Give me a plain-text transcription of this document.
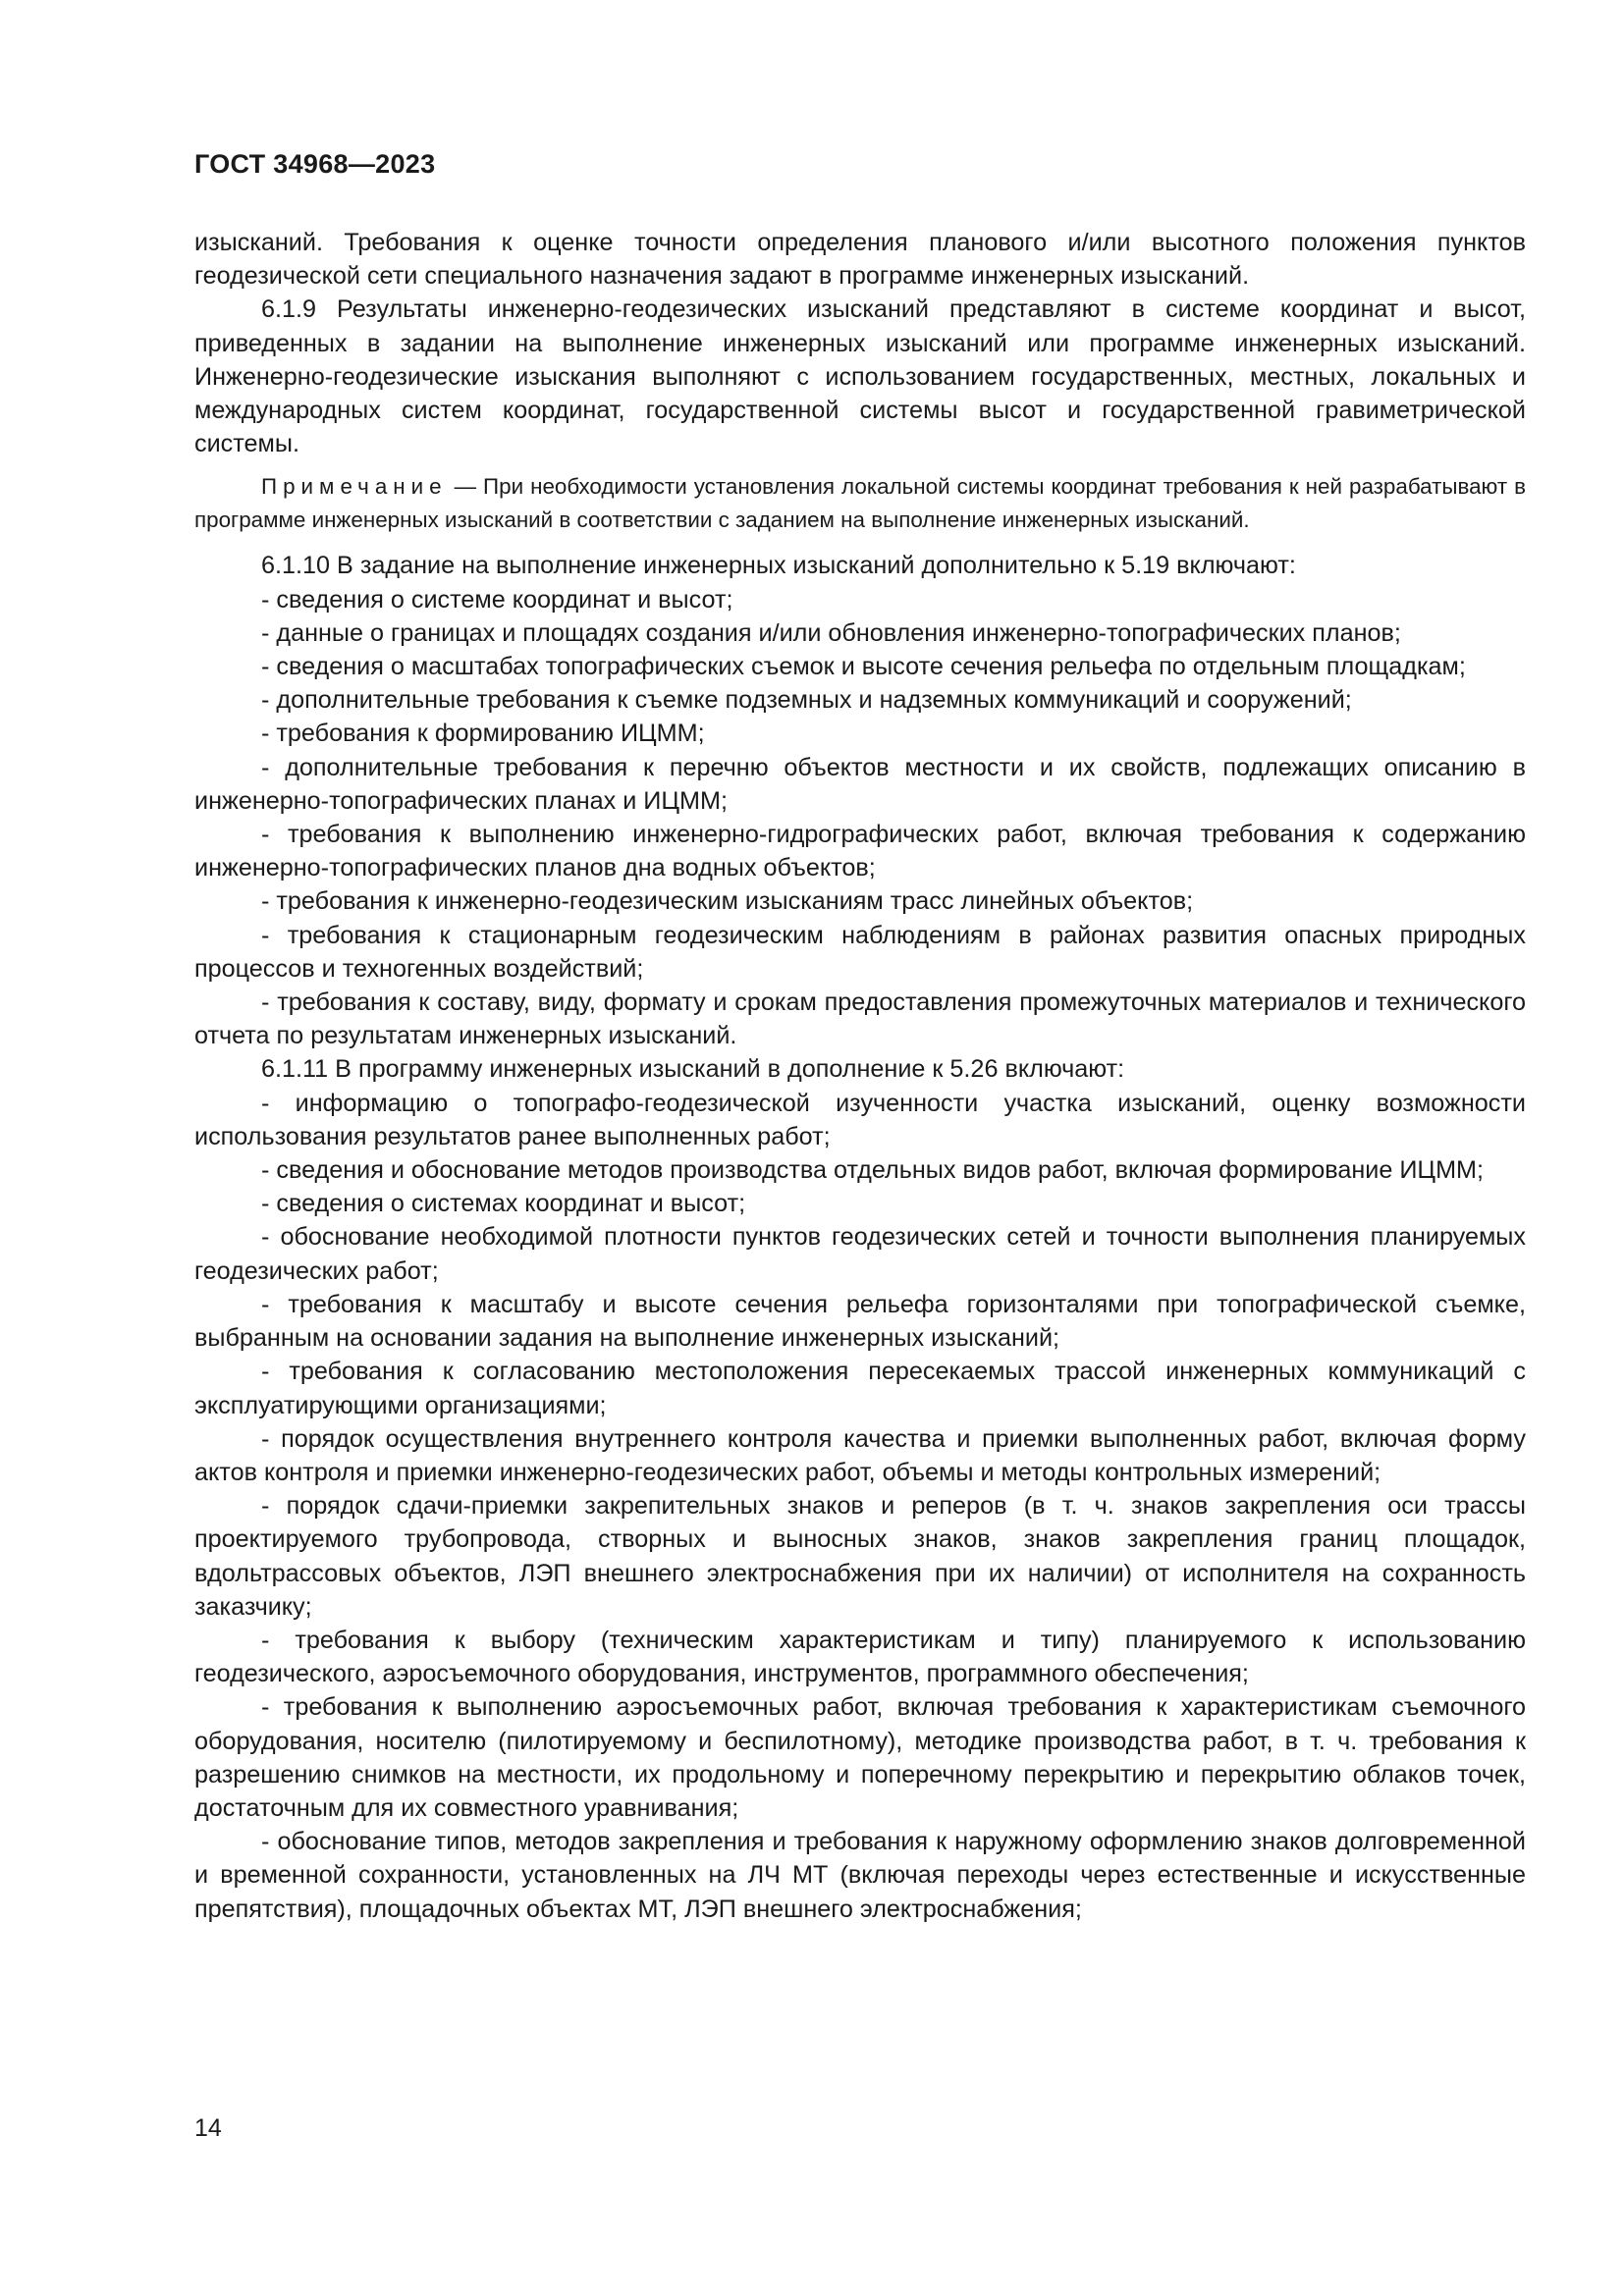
ГОСТ 34968—2023

изысканий. Требования к оценке точности определения планового и/или высотного положения пунктов геодезической сети специального назначения задают в программе инженерных изысканий.

6.1.9 Результаты инженерно-геодезических изысканий представляют в системе координат и высот, приведенных в задании на выполнение инженерных изысканий или программе инженерных изысканий. Инженерно-геодезические изыскания выполняют с использованием государственных, местных, локальных и международных систем координат, государственной системы высот и государственной гравиметрической системы.

Примечание — При необходимости установления локальной системы координат требования к ней разрабатывают в программе инженерных изысканий в соответствии с заданием на выполнение инженерных изысканий.

6.1.10 В задание на выполнение инженерных изысканий дополнительно к 5.19 включают:

- сведения о системе координат и высот;

- данные о границах и площадях создания и/или обновления инженерно-топографических планов;

- сведения о масштабах топографических съемок и высоте сечения рельефа по отдельным площадкам;

- дополнительные требования к съемке подземных и надземных коммуникаций и сооружений;

- требования к формированию ИЦММ;

- дополнительные требования к перечню объектов местности и их свойств, подлежащих описанию в инженерно-топографических планах и ИЦММ;

- требования к выполнению инженерно-гидрографических работ, включая требования к содержанию инженерно-топографических планов дна водных объектов;

- требования к инженерно-геодезическим изысканиям трасс линейных объектов;

- требования к стационарным геодезическим наблюдениям в районах развития опасных природных процессов и техногенных воздействий;

- требования к составу, виду, формату и срокам предоставления промежуточных материалов и технического отчета по результатам инженерных изысканий.

6.1.11 В программу инженерных изысканий в дополнение к 5.26 включают:

- информацию о топографо-геодезической изученности участка изысканий, оценку возможности использования результатов ранее выполненных работ;

- сведения и обоснование методов производства отдельных видов работ, включая формирование ИЦММ;

- сведения о системах координат и высот;

- обоснование необходимой плотности пунктов геодезических сетей и точности выполнения планируемых геодезических работ;

- требования к масштабу и высоте сечения рельефа горизонталями при топографической съемке, выбранным на основании задания на выполнение инженерных изысканий;

- требования к согласованию местоположения пересекаемых трассой инженерных коммуникаций с эксплуатирующими организациями;

- порядок осуществления внутреннего контроля качества и приемки выполненных работ, включая форму актов контроля и приемки инженерно-геодезических работ, объемы и методы контрольных измерений;

- порядок сдачи-приемки закрепительных знаков и реперов (в т. ч. знаков закрепления оси трассы проектируемого трубопровода, створных и выносных знаков, знаков закрепления границ площадок, вдольтрассовых объектов, ЛЭП внешнего электроснабжения при их наличии) от исполнителя на сохранность заказчику;

- требования к выбору (техническим характеристикам и типу) планируемого к использованию геодезического, аэросъемочного оборудования, инструментов, программного обеспечения;

- требования к выполнению аэросъемочных работ, включая требования к характеристикам съемочного оборудования, носителю (пилотируемому и беспилотному), методике производства работ, в т. ч. требования к разрешению снимков на местности, их продольному и поперечному перекрытию и перекрытию облаков точек, достаточным для их совместного уравнивания;

- обоснование типов, методов закрепления и требования к наружному оформлению знаков долговременной и временной сохранности, установленных на ЛЧ МТ (включая переходы через естественные и искусственные препятствия), площадочных объектах МТ, ЛЭП внешнего электроснабжения;

14
